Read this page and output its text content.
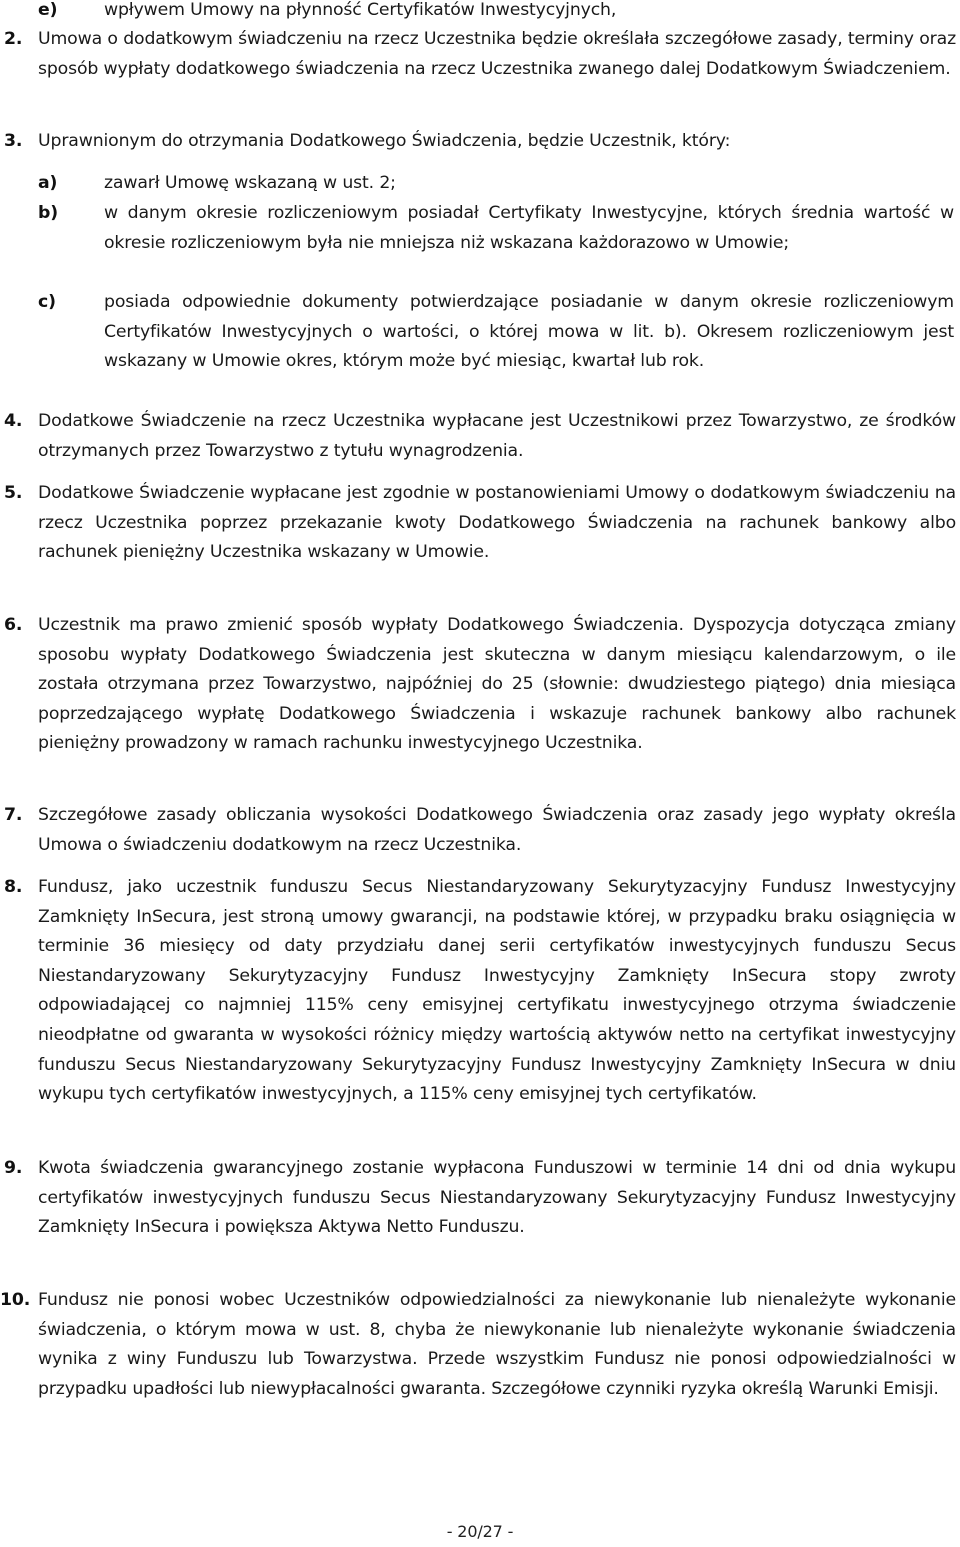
e)	wpływem Umowy na płynność Certyfikatów Inwestycyjnych,
2. Umowa o dodatkowym świadczeniu na rzecz Uczestnika będzie określała szczegółowe zasady, terminy oraz sposób wypłaty dodatkowego świadczenia na rzecz Uczestnika zwanego dalej Dodatkowym Świadczeniem.
3. Uprawnionym do otrzymania Dodatkowego Świadczenia, będzie Uczestnik, który:
a)	zawarł Umowę wskazaną w ust. 2;
b)	w danym okresie rozliczeniowym posiadał Certyfikaty Inwestycyjne, których średnia wartość w okresie rozliczeniowym była nie mniejsza niż wskazana każdorazowo w Umowie;
c)	posiada odpowiednie dokumenty potwierdzające posiadanie w danym okresie rozliczeniowym Certyfikatów Inwestycyjnych o wartości, o której mowa w lit. b). Okresem rozliczeniowym jest wskazany w Umowie okres, którym może być miesiąc, kwartał lub rok.
4. Dodatkowe Świadczenie na rzecz Uczestnika wypłacane jest Uczestnikowi przez Towarzystwo, ze środków otrzymanych przez Towarzystwo z tytułu wynagrodzenia.
5. Dodatkowe Świadczenie wypłacane jest zgodnie w postanowieniami Umowy o dodatkowym świadczeniu na rzecz Uczestnika poprzez przekazanie kwoty Dodatkowego Świadczenia na rachunek bankowy albo rachunek pieniężny Uczestnika wskazany w Umowie.
6. Uczestnik ma prawo zmienić sposób wypłaty Dodatkowego Świadczenia. Dyspozycja dotycząca zmiany sposobu wypłaty Dodatkowego Świadczenia jest skuteczna w danym miesiącu kalendarzowym, o ile została otrzymana przez Towarzystwo, najpóźniej do 25 (słownie: dwudziestego piątego) dnia miesiąca poprzedzającego wypłatę Dodatkowego Świadczenia i wskazuje rachunek bankowy albo rachunek pieniężny prowadzony w ramach rachunku inwestycyjnego Uczestnika.
7. Szczegółowe zasady obliczania wysokości Dodatkowego Świadczenia oraz zasady jego wypłaty określa Umowa o świadczeniu dodatkowym na rzecz Uczestnika.
8. Fundusz, jako uczestnik funduszu Secus Niestandaryzowany Sekurytyzacyjny Fundusz Inwestycyjny Zamknięty InSecura, jest stroną umowy gwarancji, na podstawie której, w przypadku braku osiągnięcia w terminie 36 miesięcy od daty przydziału danej serii certyfikatów inwestycyjnych funduszu Secus Niestandaryzowany Sekurytyzacyjny Fundusz Inwestycyjny Zamknięty InSecura stopy zwroty odpowiadającej co najmniej 115% ceny emisyjnej certyfikatu inwestycyjnego otrzyma świadczenie nieodpłatne od gwaranta w wysokości różnicy między wartością aktywów netto na certyfikat inwestycyjny funduszu Secus Niestandaryzowany Sekurytyzacyjny Fundusz Inwestycyjny Zamknięty InSecura w dniu wykupu tych certyfikatów inwestycyjnych, a 115% ceny emisyjnej tych certyfikatów.
9. Kwota świadczenia gwarancyjnego zostanie wypłacona Funduszowi w terminie 14 dni od dnia wykupu certyfikatów inwestycyjnych funduszu Secus Niestandaryzowany Sekurytyzacyjny Fundusz Inwestycyjny Zamknięty InSecura i powiększa Aktywa Netto Funduszu.
10. Fundusz nie ponosi wobec Uczestników odpowiedzialności za niewykonanie lub nienależyte wykonanie świadczenia, o którym mowa w ust. 8, chyba że niewykonanie lub nienależyte wykonanie świadczenia wynika z winy Funduszu lub Towarzystwa. Przede wszystkim Fundusz nie ponosi odpowiedzialności w przypadku upadłości lub niewypłacalności gwaranta. Szczegółowe czynniki ryzyka określą Warunki Emisji.
- 20/27 -
